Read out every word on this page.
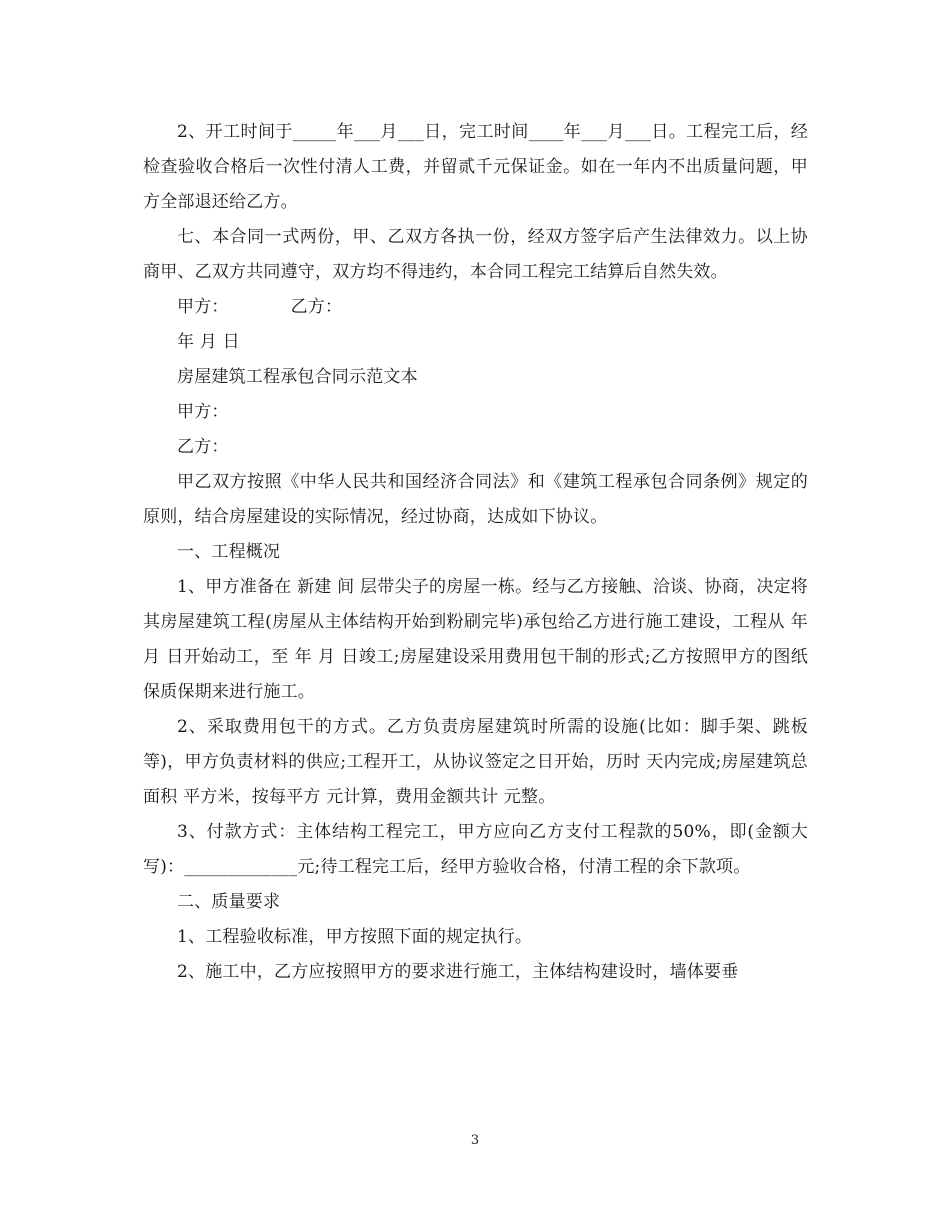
2、开工时间于_____年___月___日，完工时间____年___月___日。工程完工后，经检查验收合格后一次性付清人工费，并留贰千元保证金。如在一年内不出质量问题，甲方全部退还给乙方。

七、本合同一式两份，甲、乙双方各执一份，经双方签字后产生法律效力。以上协商甲、乙双方共同遵守，双方均不得违约，本合同工程完工结算后自然失效。

甲方：	乙方：

年 月 日

房屋建筑工程承包合同示范文本

甲方：

乙方：

甲乙双方按照《中华人民共和国经济合同法》和《建筑工程承包合同条例》规定的原则，结合房屋建设的实际情况，经过协商，达成如下协议。

一、工程概况

1、甲方准备在 新建 间 层带尖子的房屋一栋。经与乙方接触、洽谈、协商，决定将其房屋建筑工程(房屋从主体结构开始到粉刷完毕)承包给乙方进行施工建设，工程从 年 月 日开始动工，至 年 月 日竣工;房屋建设采用费用包干制的形式;乙方按照甲方的图纸保质保期来进行施工。

2、采取费用包干的方式。乙方负责房屋建筑时所需的设施(比如：脚手架、跳板等)，甲方负责材料的供应;工程开工，从协议签定之日开始，历时 天内完成;房屋建筑总面积 平方米，按每平方 元计算，费用金额共计 元整。

3、付款方式：主体结构工程完工，甲方应向乙方支付工程款的50%，即(金额大写)：_____________元;待工程完工后，经甲方验收合格，付清工程的余下款项。

二、质量要求

1、工程验收标准，甲方按照下面的规定执行。

2、施工中，乙方应按照甲方的要求进行施工，主体结构建设时，墙体要垂

3
